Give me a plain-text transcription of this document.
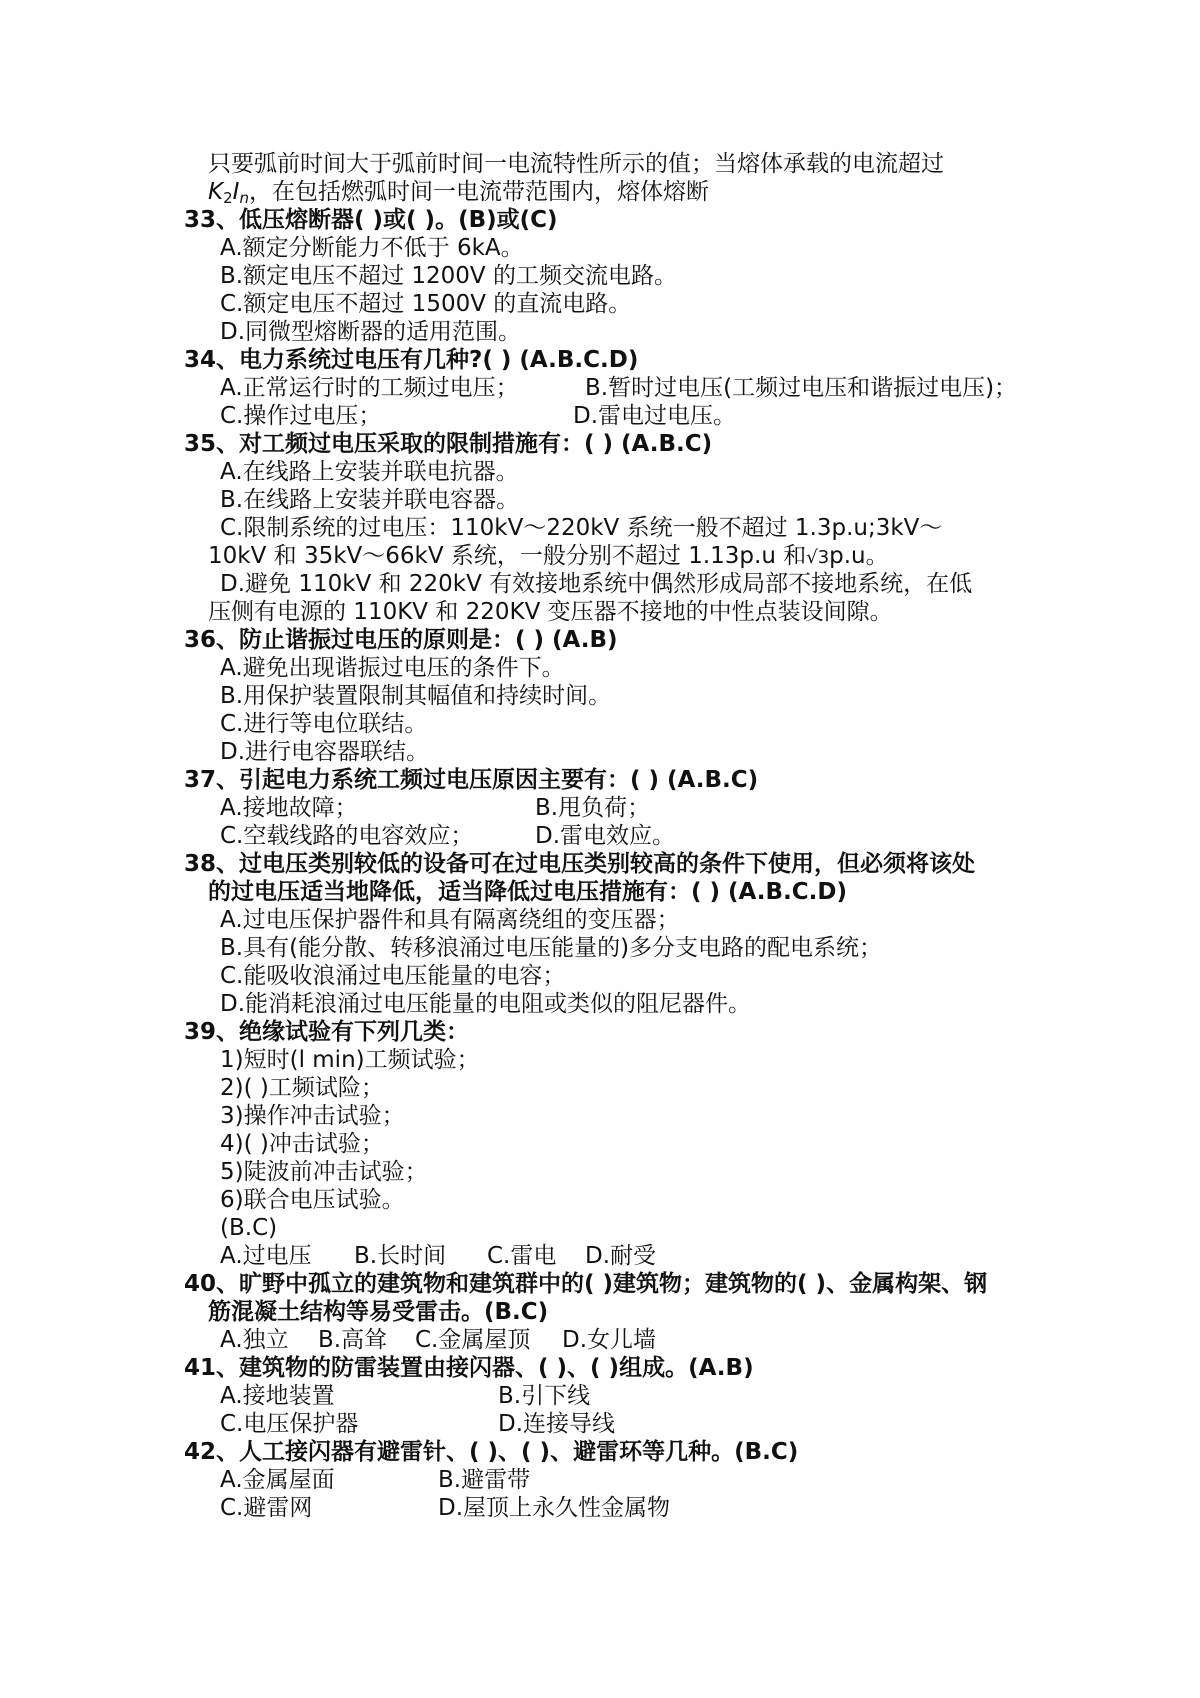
只要弧前时间大于弧前时间一电流特性所示的值；当熔体承载的电流超过
$K_2I_n$，在包括燃弧时间一电流带范围内，熔体熔断
33、低压熔断器( )或( )。(B)或(C)
A.额定分断能力不低于 6kA。
B.额定电压不超过 1200V 的工频交流电路。
C.额定电压不超过 1500V 的直流电路。
D.同微型熔断器的适用范围。
34、电力系统过电压有几种?( ) (A.B.C.D)
A.正常运行时的工频过电压；	B.暂时过电压(工频过电压和谐振过电压)；
C.操作过电压；	D.雷电过电压。
35、对工频过电压采取的限制措施有：( ) (A.B.C)
A.在线路上安装并联电抗器。
B.在线路上安装并联电容器。
C.限制系统的过电压：110kV〜220kV 系统一般不超过 1.3p.u;3kV〜
10kV 和 35kV〜66kV 系统，一般分别不超过 1.13p.u 和√3p.u。
D.避免 110kV 和 220kV 有效接地系统中偶然形成局部不接地系统，在低
压侧有电源的 110KV 和 220KV 变压器不接地的中性点装设间隙。
36、防止谐振过电压的原则是：( ) (A.B)
A.避免出现谐振过电压的条件下。
B.用保护装置限制其幅值和持续时间。
C.进行等电位联结。
D.进行电容器联结。
37、引起电力系统工频过电压原因主要有：( ) (A.B.C)
A.接地故障；	B.甩负荷；
C.空载线路的电容效应；	D.雷电效应。
38、过电压类别较低的设备可在过电压类别较高的条件下使用，但必须将该处
的过电压适当地降低，适当降低过电压措施有：( ) (A.B.C.D)
A.过电压保护器件和具有隔离绕组的变压器；
B.具有(能分散、转移浪涌过电压能量的)多分支电路的配电系统；
C.能吸收浪涌过电压能量的电容；
D.能消耗浪涌过电压能量的电阻或类似的阻尼器件。
39、绝缘试验有下列几类：
1)短时(l min)工频试验；
2)( )工频试险；
3)操作冲击试验；
4)( )冲击试验；
5)陡波前冲击试验；
6)联合电压试验。
(B.C)
A.过电压 B.长时间 C.雷电 D.耐受
40、旷野中孤立的建筑物和建筑群中的( )建筑物；建筑物的( )、金属构架、钢
筋混凝土结构等易受雷击。(B.C)
A.独立 B.高耸 C.金属屋顶 D.女儿墙
41、建筑物的防雷装置由接闪器、( )、( )组成。(A.B)
A.接地装置	B.引下线
C.电压保护器	D.连接导线
42、人工接闪器有避雷针、( )、( )、避雷环等几种。(B.C)
A.金属屋面	B.避雷带
C.避雷网	D.屋顶上永久性金属物
